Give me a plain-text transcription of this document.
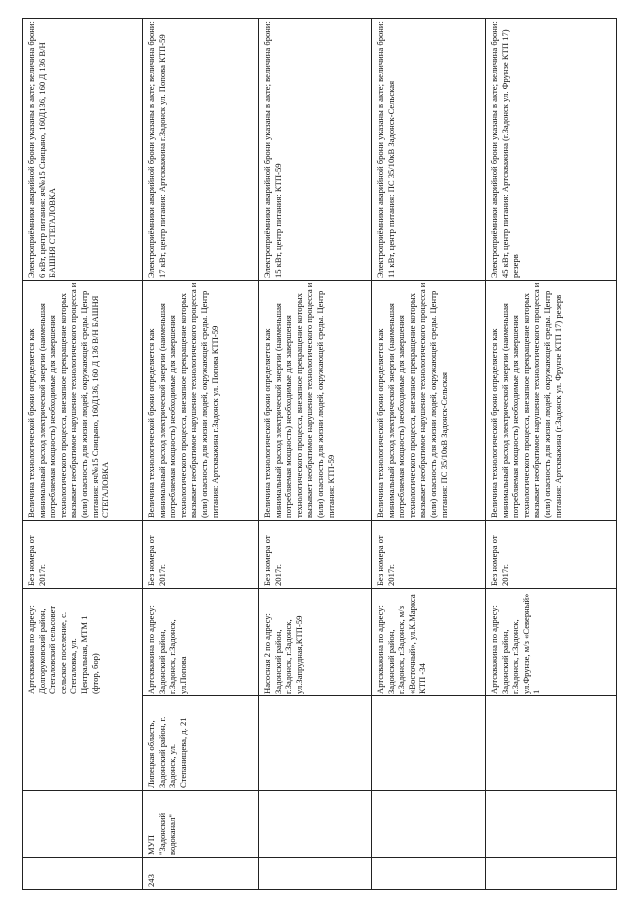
Артскважина по адресу: Долгоруковский район, Стегаловский сельсовет сельское поселение, с. Стегаловка, ул. Центральная, МТМ 1 (фтор, бор)
Без номера от 2017г.
Величина технологической брони определяется как минимальный расход электрической энергии (наименьшая потребляемая мощность) необходимые для завершения технологического процесса, внезапное прекращение которых вызывает необратимое нарушение технологического процесса и (или) опасность для жизни людей, окружающей среды. Центр питания: яч№15 Сницыно, 160Д136, 160 Д 136 В/Н БАШНЯ СТЕГАЛОВКА
Электроприёмники аварийной брони указаны в акте; величина брони: 6 кВт, центр питания: яч№15 Сницыно, 160Д136, 160 Д 136 В/Н БАШНЯ СТЕГАЛОВКА
243
МУП "Задонский водоканал"
Липецкая область, Задонский район, г. Задонск, ул. Степанищева, д. 21
Артскважина по адресу: Задонский район, г.Задонск, г.Задонск, ул.Попова
Без номера от 2017г.
Величина технологической брони определяется как минимальный расход электрической энергии (наименьшая потребляемая мощность) необходимые для завершения технологического процесса, внезапное прекращение которых вызывает необратимое нарушение технологического процесса и (или) опасность для жизни людей, окружающей среды. Центр питания: Артскважина г.Задонск ул. Попова КТП-59
Электроприёмники аварийной брони указаны в акте; величина брони: 17 кВт, центр питания: Артскважина г.Задонск ул. Попова КТП-59
Насосная 2 по адресу: Задонский район, г.Задонск, г.Задонск, ул.Запрудная,КТП-59
Без номера от 2017г.
Величина технологической брони определяется как минимальный расход электрической энергии (наименьшая потребляемая мощность) необходимые для завершения технологического процесса, внезапное прекращение которых вызывает необратимое нарушение технологического процесса и (или) опасность для жизни людей, окружающей среды. Центр питания: КТП-59
Электроприёмники аварийной брони указаны в акте; величина брони: 15 кВт, центр питания: КТП-59
Артскважина по адресу: Задонский район, г.Задонск, г.Задонск, м/з «Восточный», ул.К.Маркса КТП -34
Без номера от 2017г.
Величина технологической брони определяется как минимальный расход электрической энергии (наименьшая потребляемая мощность) необходимые для завершения технологического процесса, внезапное прекращение которых вызывает необратимое нарушение технологического процесса и (или) опасность для жизни людей, окружающей среды. Центр питания: ПС 35/10кВ Задонск-Сельская
Электроприёмники аварийной брони указаны в акте; величина брони: 11 кВт, центр питания: ПС 35/10кВ Задонск-Сельская
Артскважина по адресу: Задонский район, г.Задонск, г.Задонск, ул.Фрунзе, м/з «Северный» 1
Без номера от 2017г.
Величина технологической брони определяется как минимальный расход электрической энергии (наименьшая потребляемая мощность) необходимые для завершения технологического процесса, внезапное прекращение которых вызывает необратимое нарушение технологического процесса и (или) опасность для жизни людей, окружающей среды. Центр питания: Артскважина (г.Задонск ул. Фрунзе КТП 17) резерв
Электроприёмники аварийной брони указаны в акте; величина брони: 45 кВт, центр питания: Артскважина (г.Задонск ул. Фрунзе КТП 17) резерв
